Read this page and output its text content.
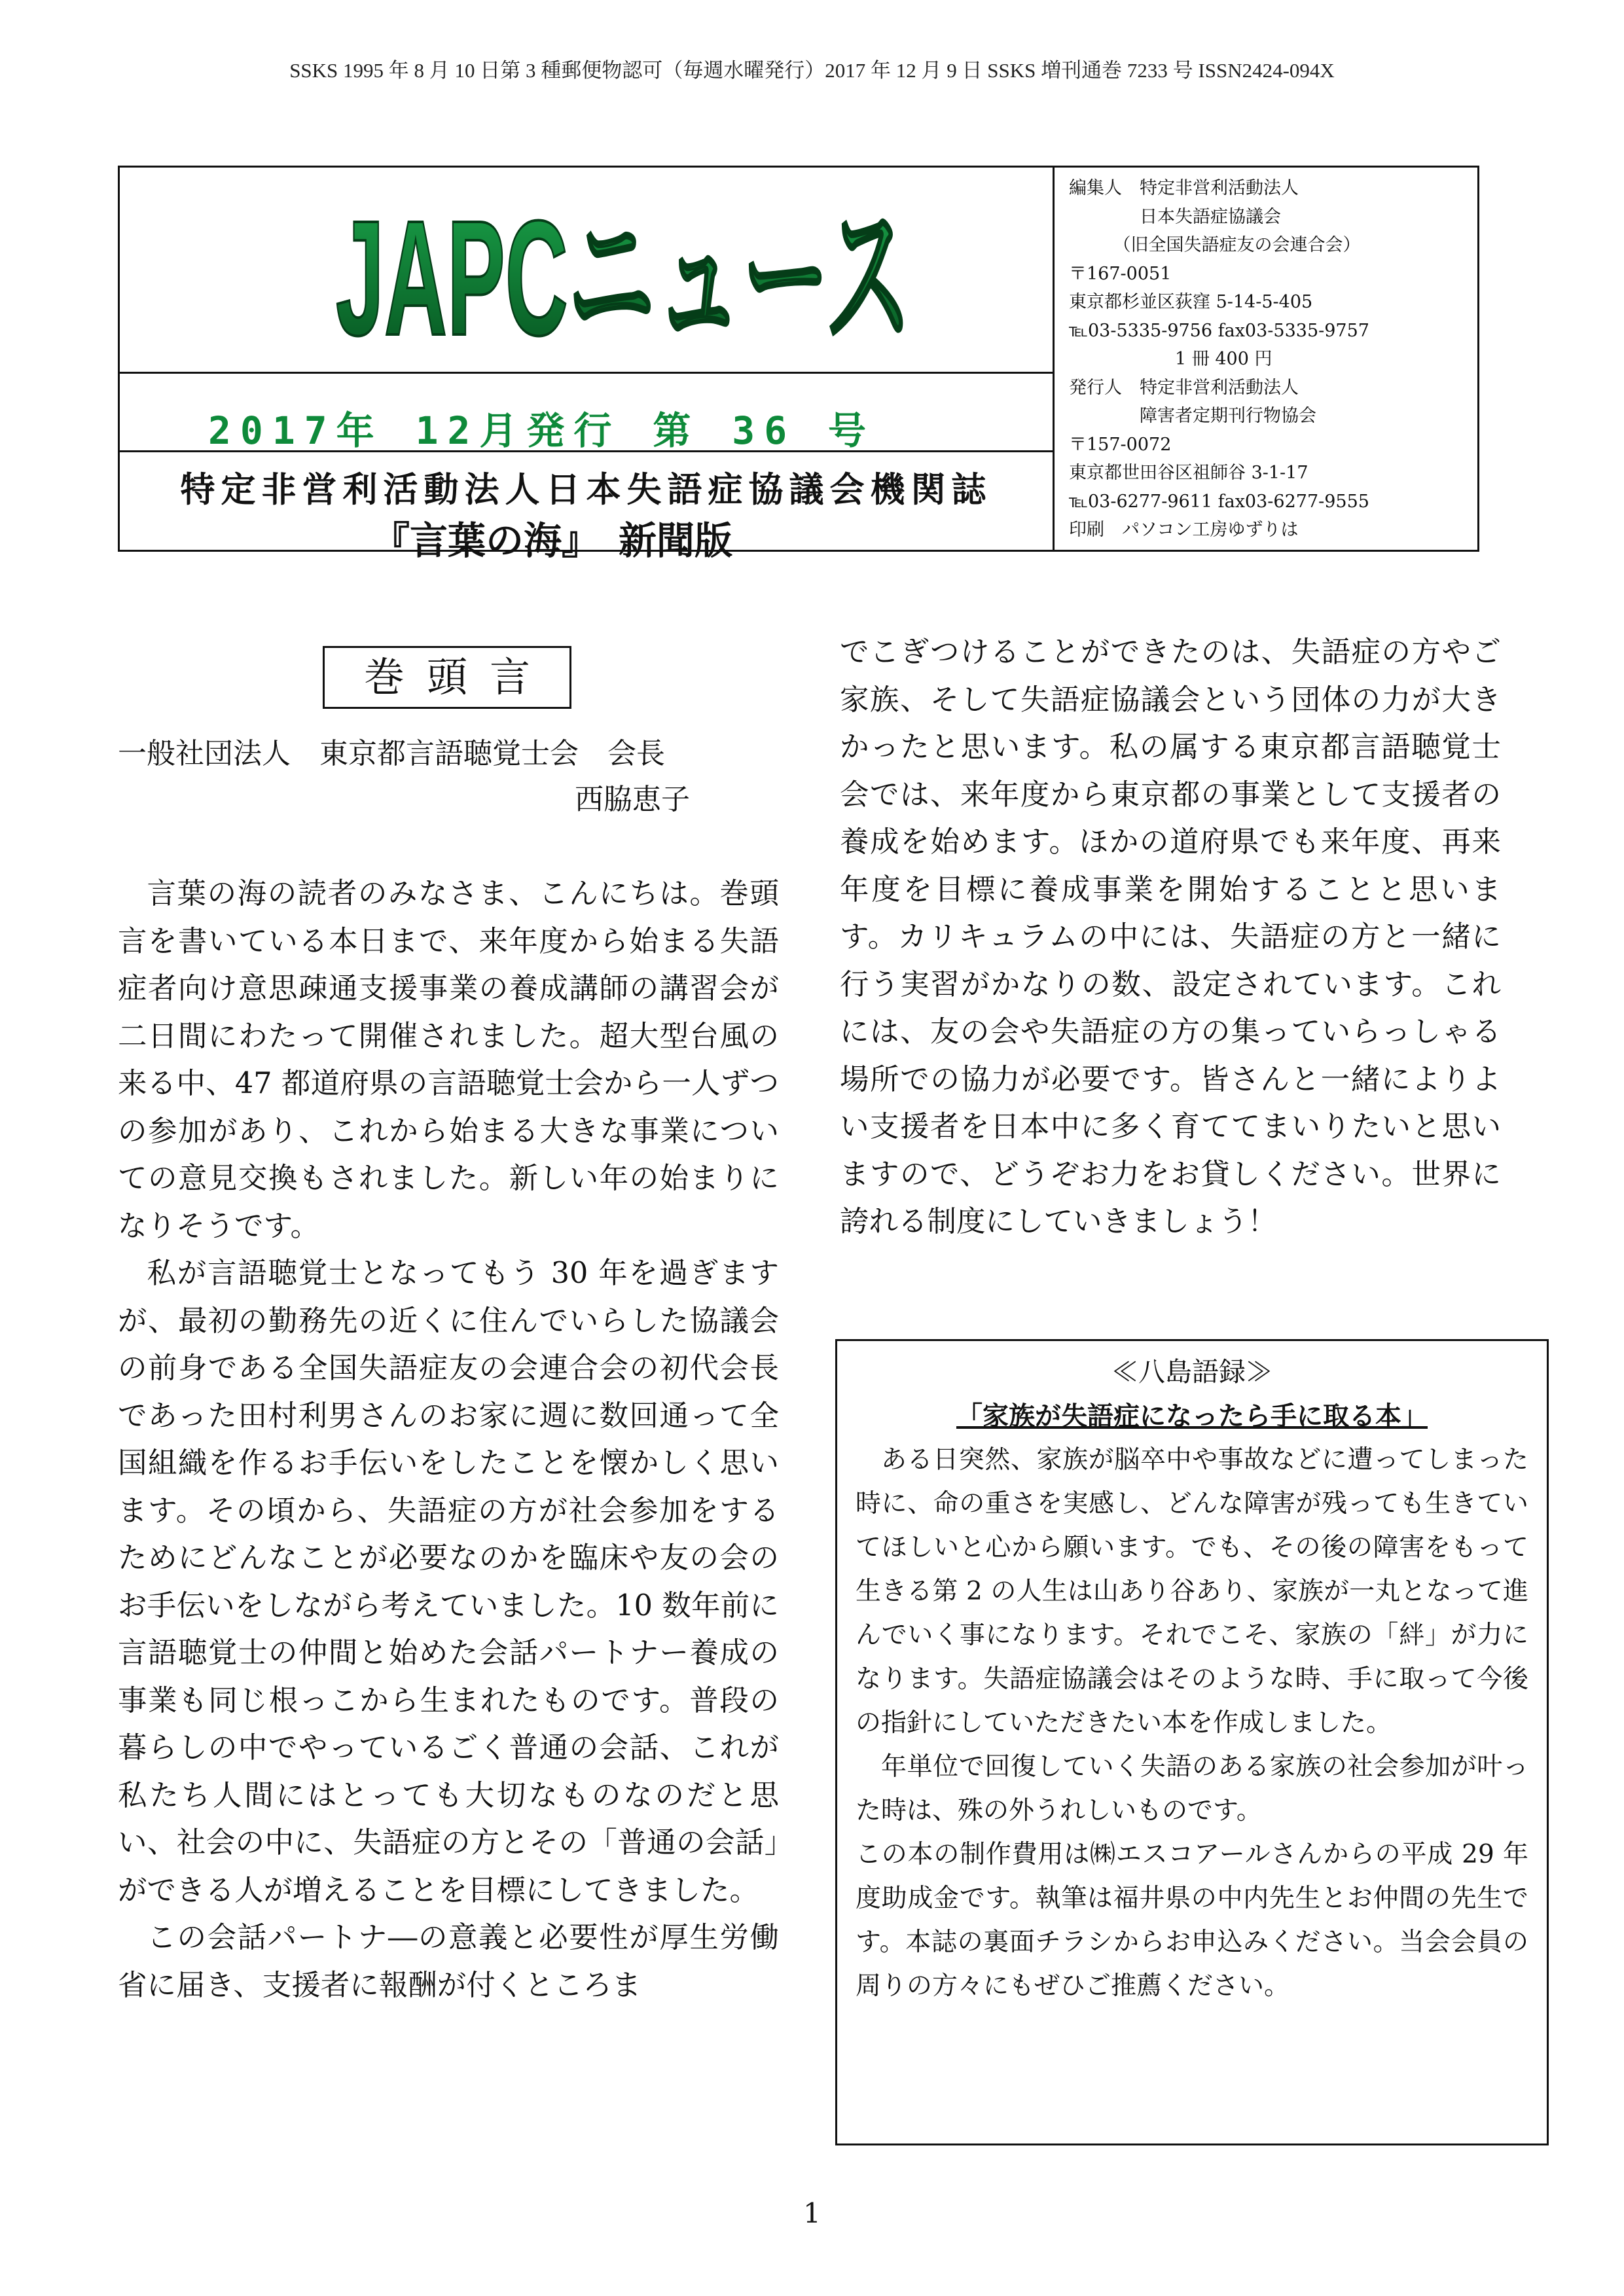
SSKS 1995 年 8 月 10 日第 3 種郵便物認可（毎週水曜発行）2017 年 12 月 9 日 SSKS 増刊通巻 7233 号 ISSN2424-094X
JAPCニュース
2017年 12月発行 第 36 号
特定非営利活動法人日本失語症協議会機関誌
『言葉の海』　新聞版
編集人　特定非営利活動法人
　　　　日本失語症協議会
　　　（旧全国失語症友の会連合会）
〒167-0051
東京都杉並区荻窪 5-14-5-405
℡03-5335-9756 fax03-5335-9757
　　　　　　1 冊 400 円
発行人　特定非営利活動法人
　　　　障害者定期刊行物協会
〒157-0072
東京都世田谷区祖師谷 3-1-17
℡03-6277-9611 fax03-6277-9555
印刷　パソコン工房ゆずりは
巻頭言
一般社団法人　東京都言語聴覚士会　会長
西脇恵子

言葉の海の読者のみなさま、こんにちは。巻頭言を書いている本日まで、来年度から始まる失語症者向け意思疎通支援事業の養成講師の講習会が二日間にわたって開催されました。超大型台風の来る中、47 都道府県の言語聴覚士会から一人ずつの参加があり、これから始まる大きな事業についての意見交換もされました。新しい年の始まりになりそうです。

私が言語聴覚士となってもう 30 年を過ぎますが、最初の勤務先の近くに住んでいらした協議会の前身である全国失語症友の会連合会の初代会長であった田村利男さんのお家に週に数回通って全国組織を作るお手伝いをしたことを懐かしく思います。その頃から、失語症の方が社会参加をするためにどんなことが必要なのかを臨床や友の会のお手伝いをしながら考えていました。10 数年前に言語聴覚士の仲間と始めた会話パートナー養成の事業も同じ根っこから生まれたものです。普段の暮らしの中でやっているごく普通の会話、これが私たち人間にはとっても大切なものなのだと思い、社会の中に、失語症の方とその「普通の会話」ができる人が増えることを目標にしてきました。

この会話パートナ―の意義と必要性が厚生労働省に届き、支援者に報酬が付くところま

でこぎつけることができたのは、失語症の方やご家族、そして失語症協議会という団体の力が大きかったと思います。私の属する東京都言語聴覚士会では、来年度から東京都の事業として支援者の養成を始めます。ほかの道府県でも来年度、再来年度を目標に養成事業を開始することと思います。カリキュラムの中には、失語症の方と一緒に行う実習がかなりの数、設定されています。これには、友の会や失語症の方の集っていらっしゃる場所での協力が必要です。皆さんと一緒によりよい支援者を日本中に多く育ててまいりたいと思いますので、どうぞお力をお貸しください。世界に誇れる制度にしていきましょう！

≪八島語録≫
「家族が失語症になったら手に取る本」

ある日突然、家族が脳卒中や事故などに遭ってしまった時に、命の重さを実感し、どんな障害が残っても生きていてほしいと心から願います。でも、その後の障害をもって生きる第 2 の人生は山あり谷あり、家族が一丸となって進んでいく事になります。それでこそ、家族の「絆」が力になります。失語症協議会はそのような時、手に取って今後の指針にしていただきたい本を作成しました。

年単位で回復していく失語のある家族の社会参加が叶った時は、殊の外うれしいものです。

この本の制作費用は㈱エスコアールさんからの平成 29 年度助成金です。執筆は福井県の中内先生とお仲間の先生です。本誌の裏面チラシからお申込みください。当会会員の周りの方々にもぜひご推薦ください。

1
